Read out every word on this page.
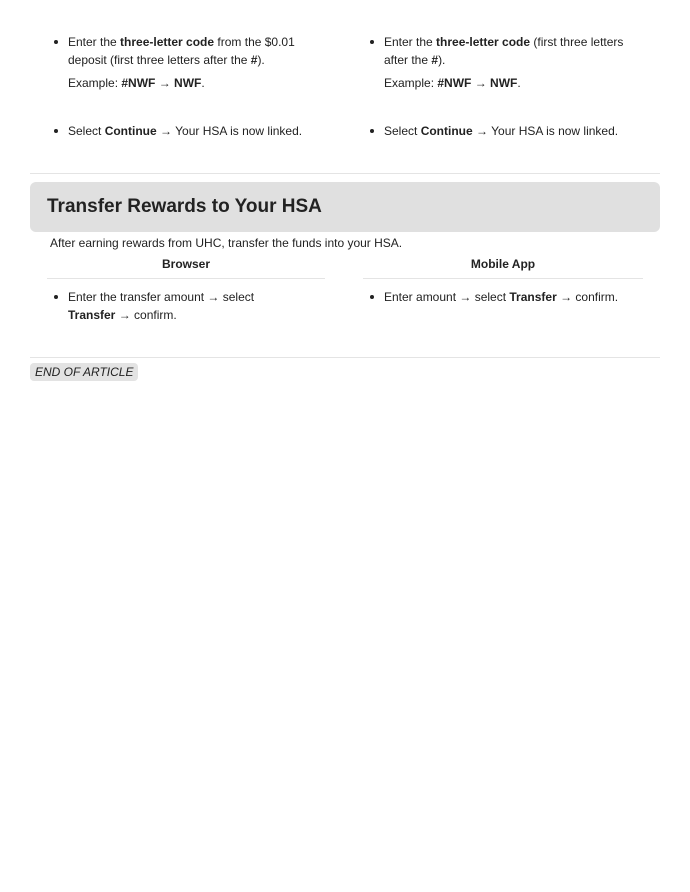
Enter the three-letter code from the $0.01 deposit (first three letters after the #).
Example: #NWF → NWF.
Select Continue → Your HSA is now linked.
Enter the three-letter code (first three letters after the #).
Example: #NWF → NWF.
Select Continue → Your HSA is now linked.
Transfer Rewards to Your HSA
After earning rewards from UHC, transfer the funds into your HSA.
Browser	Mobile App
Enter the transfer amount → select Transfer → confirm.
Enter amount → select Transfer → confirm.
END OF ARTICLE
